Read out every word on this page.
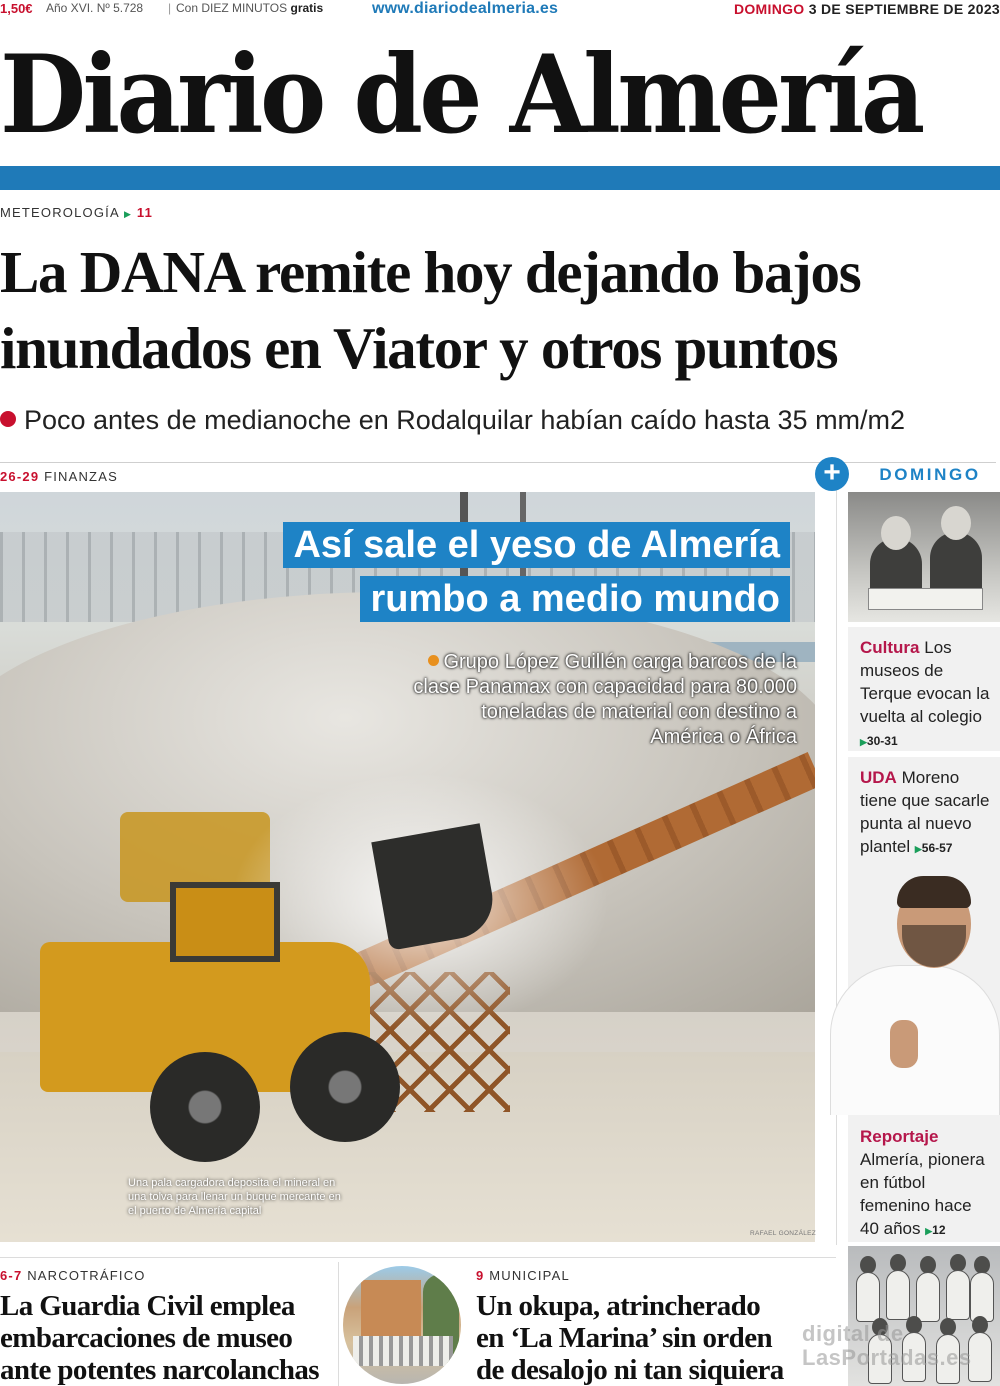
1,50€ Año XVI. Nº 5.728 | Con DIEZ MINUTOS gratis	www.diariodealmeria.es	DOMINGO 3 DE SEPTIEMBRE DE 2023
Diario de Almería
METEOROLOGÍA ▶ 11
La DANA remite hoy dejando bajos
inundados en Viator y otros puntos
Poco antes de medianoche en Rodalquilar habían caído hasta 35 mm/m2
26-29 FINANZAS
Así sale el yeso de Almería
rumbo a medio mundo
Grupo López Guillén carga barcos de la clase Panamax con capacidad para 80.000 toneladas de material con destino a América o África
Una pala cargadora deposita el mineral en una tolva para llenar un buque mercante en el puerto de Almería capital
RAFAEL GONZÁLEZ
+	DOMINGO
Cultura Los museos de Terque evocan la vuelta al colegio ▶30-31
UDA Moreno tiene que sacarle punta al nuevo plantel ▶56-57
Reportaje
Almería, pionera en fútbol femenino hace 40 años ▶12
6-7 NARCOTRÁFICO
La Guardia Civil emplea
embarcaciones de museo
ante potentes narcolanchas
9 MUNICIPAL
Un okupa, atrincherado
en ‘La Marina’ sin orden
de desalojo ni tan siquiera
digital de
LasPortadas.es
